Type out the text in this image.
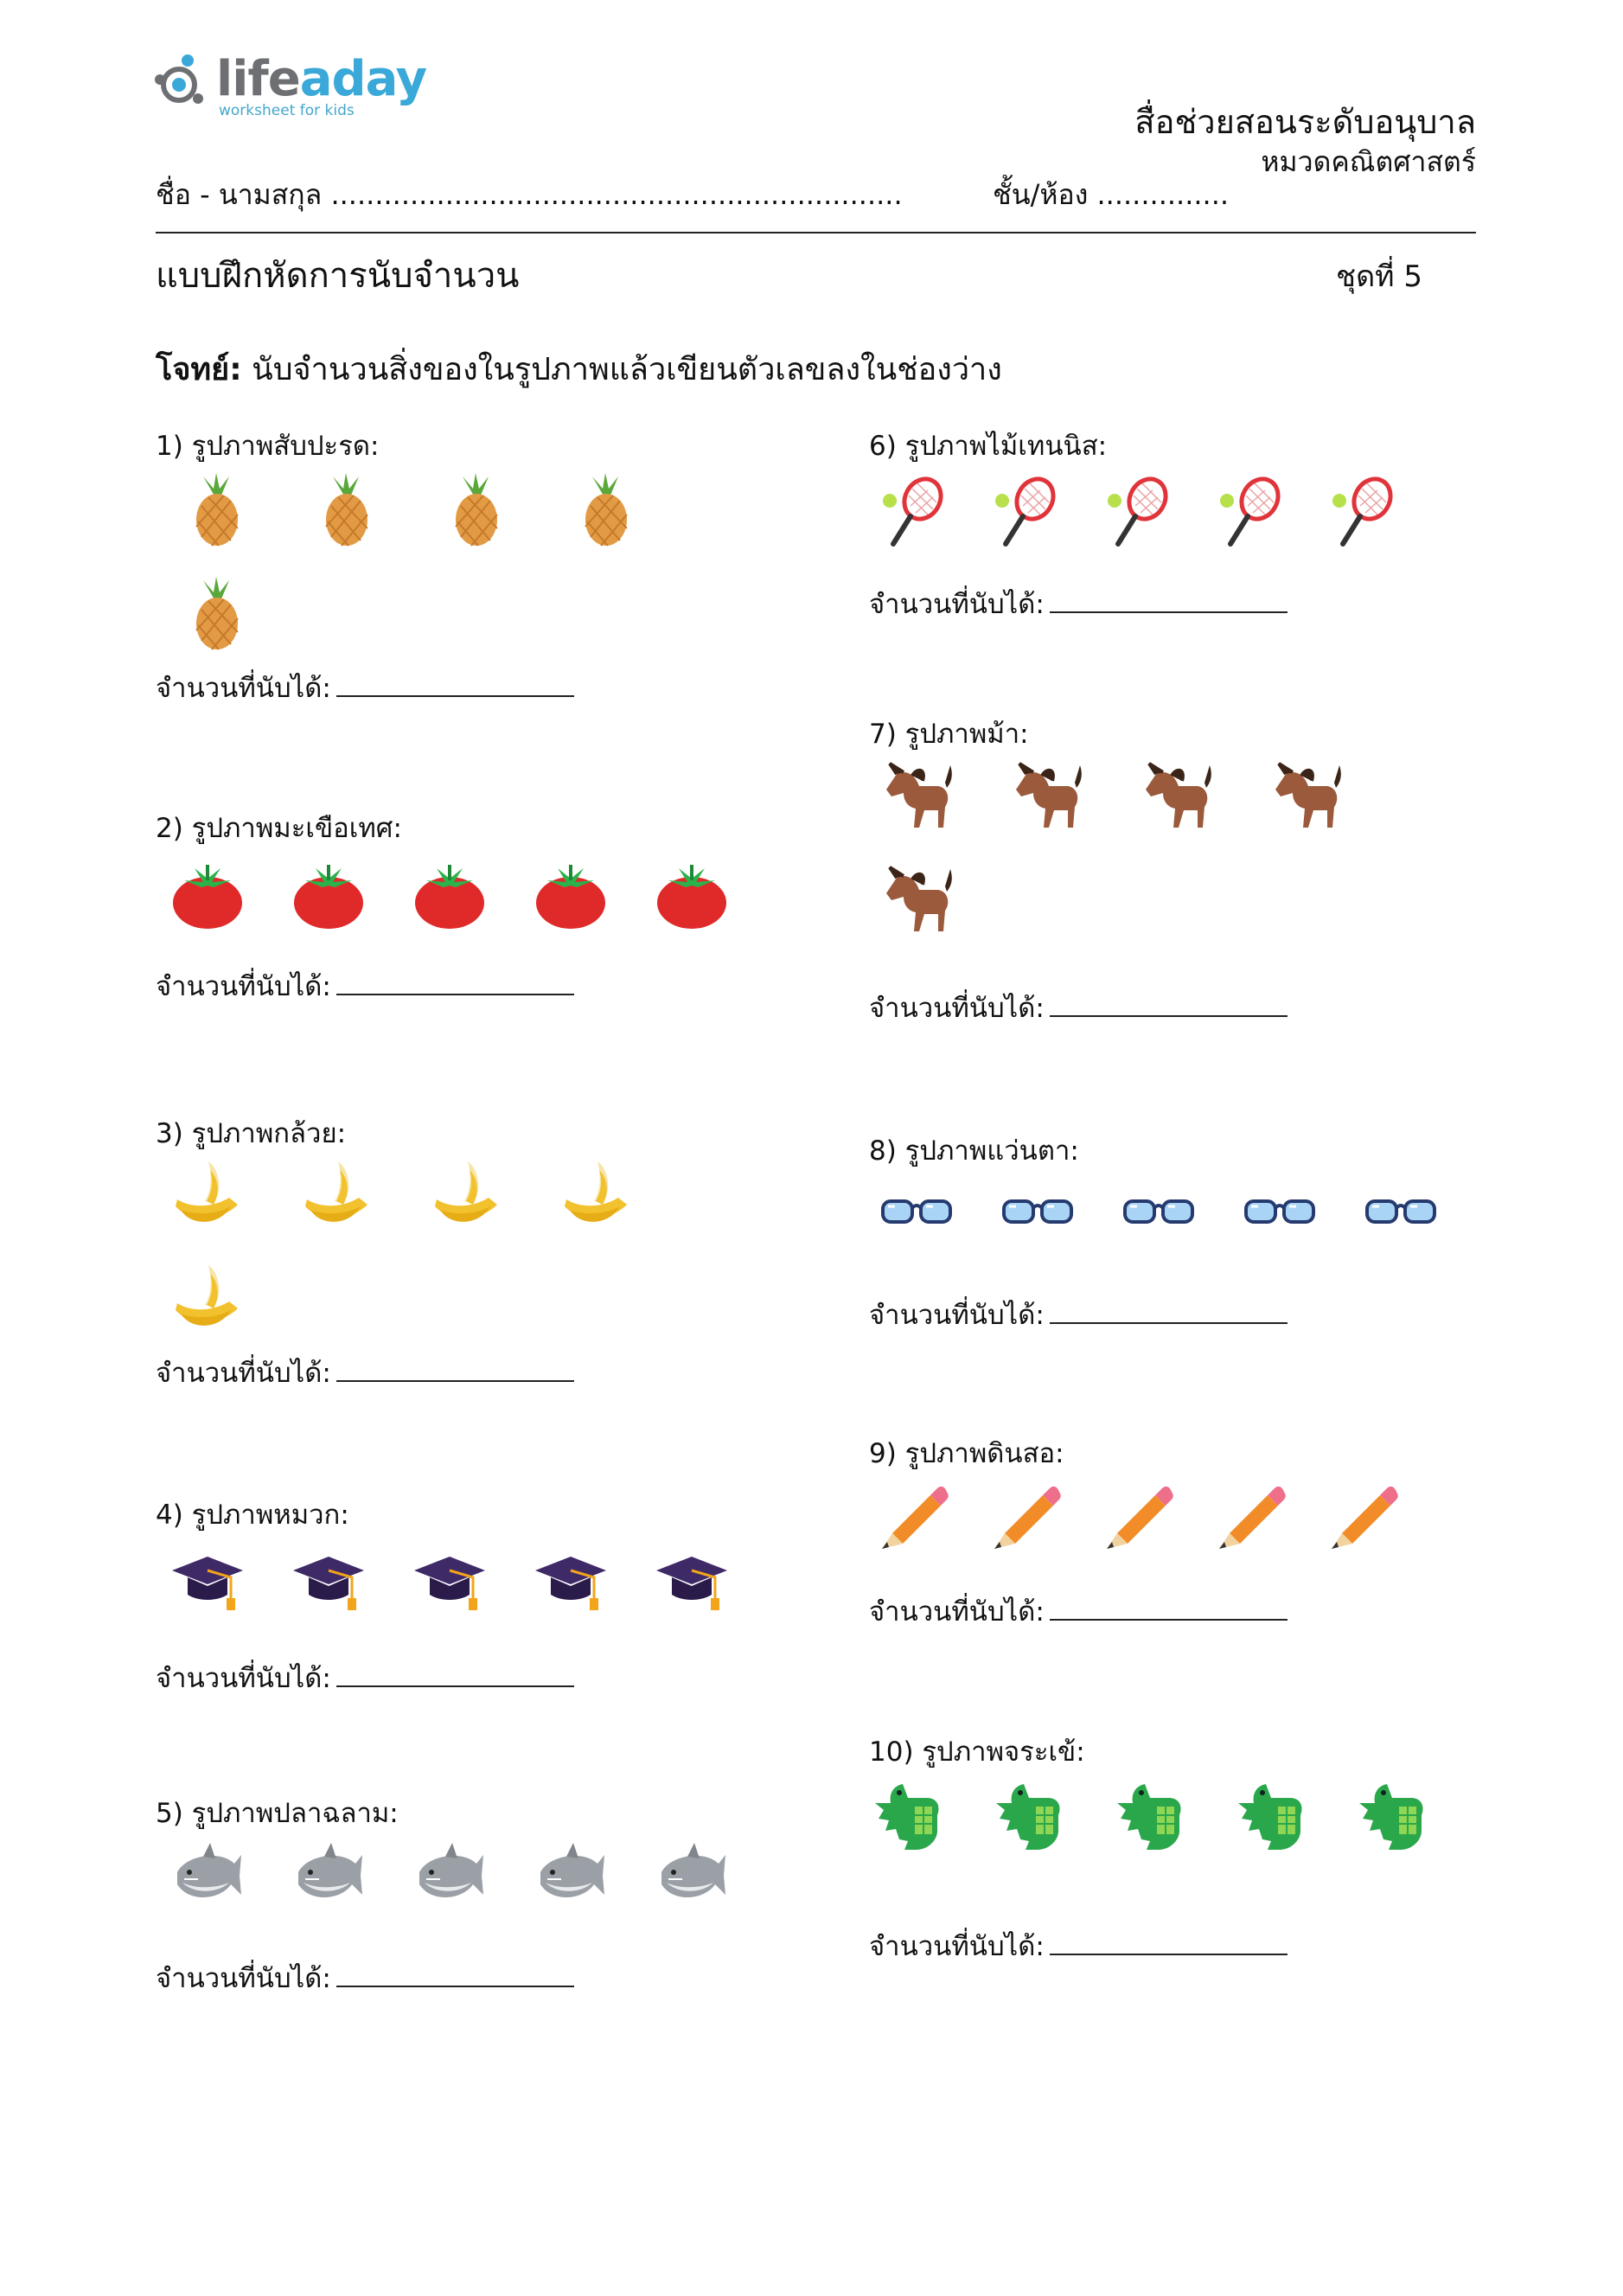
lifeaday
worksheet for kids	สื่อช่วยสอนระดับอนุบาล
หมวดคณิตศาสตร์
ชื่อ - นามสกุล .................................................................	ชั้น/ห้อง ...............
แบบฝึกหัดการนับจำนวน	ชุดที่ 5
โจทย์: นับจำนวนสิ่งของในรูปภาพแล้วเขียนตัวเลขลงในช่องว่าง
1) รูปภาพสับปะรด:
จำนวนที่นับได้:
2) รูปภาพมะเขือเทศ:
จำนวนที่นับได้:
3) รูปภาพกล้วย:
จำนวนที่นับได้:
4) รูปภาพหมวก:
จำนวนที่นับได้:
5) รูปภาพปลาฉลาม:
จำนวนที่นับได้:
6) รูปภาพไม้เทนนิส:
จำนวนที่นับได้:
7) รูปภาพม้า:
จำนวนที่นับได้:
8) รูปภาพแว่นตา:
จำนวนที่นับได้:
9) รูปภาพดินสอ:
จำนวนที่นับได้:
10) รูปภาพจระเข้:
จำนวนที่นับได้:
